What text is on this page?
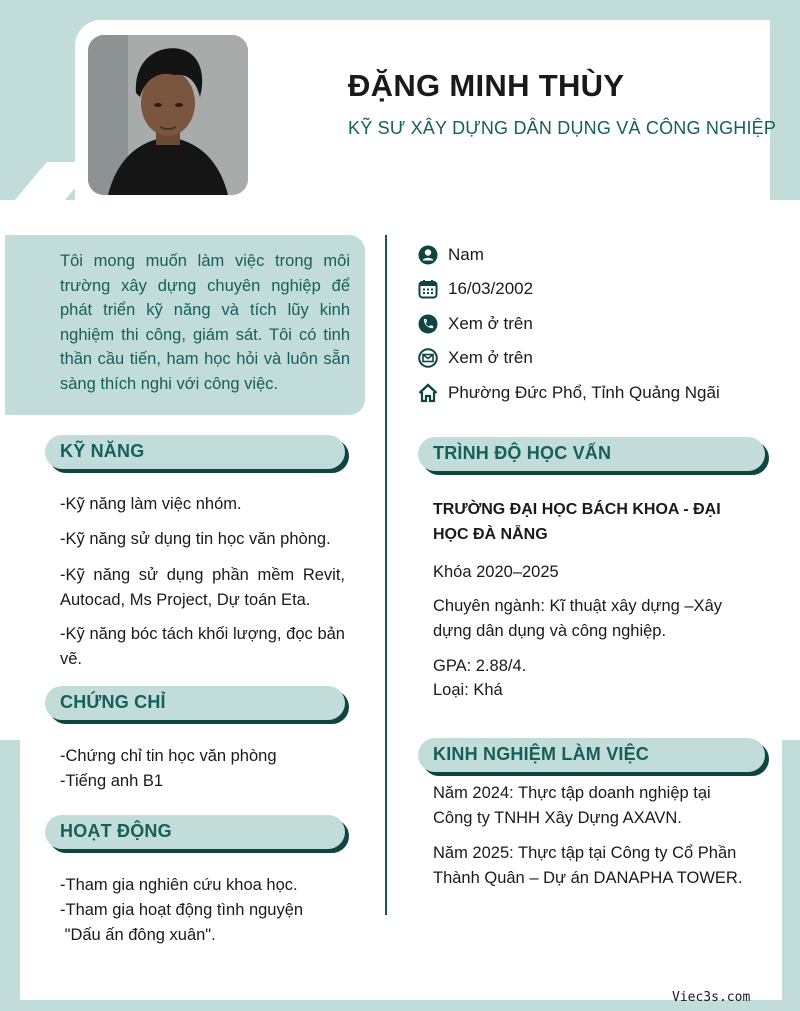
ĐẶNG MINH THÙY
KỸ SƯ XÂY DỰNG DÂN DỤNG VÀ CÔNG NGHIỆP

Tôi mong muốn làm việc trong môi trường xây dựng chuyên nghiệp để phát triển kỹ năng và tích lũy kinh nghiệm thi công, giám sát. Tôi có tinh thần cầu tiến, ham học hỏi và luôn sẵn sàng thích nghi với công việc.

Nam
16/03/2002
Xem ở trên
Xem ở trên
Phường Đức Phổ, Tỉnh Quảng Ngãi
KỸ NĂNG

-Kỹ năng làm việc nhóm.

-Kỹ năng sử dụng tin học văn phòng.

-Kỹ năng sử dụng phần mềm Revit, Autocad, Ms Project, Dự toán Eta.

-Kỹ năng bóc tách khối lượng, đọc bản vẽ.

CHỨNG CHỈ

-Chứng chỉ tin học văn phòng

-Tiếng anh B1

HOẠT ĐỘNG

-Tham gia nghiên cứu khoa học.

-Tham gia hoạt động tình nguyện

"Dấu ấn đông xuân".

TRÌNH ĐỘ HỌC VẤN

TRƯỜNG ĐẠI HỌC BÁCH KHOA - ĐẠI HỌC ĐÀ NẴNG

Khóa 2020–2025

Chuyên ngành: Kĩ thuật xây dựng –Xây dựng dân dụng và công nghiệp.

GPA: 2.88/4.

Loại: Khá

KINH NGHIỆM LÀM VIỆC

Năm 2024: Thực tập doanh nghiệp tại Công ty TNHH Xây Dựng AXAVN.

Năm 2025: Thực tập tại Công ty Cổ Phần Thành Quân – Dự án DANAPHA TOWER.

Viec3s.com
